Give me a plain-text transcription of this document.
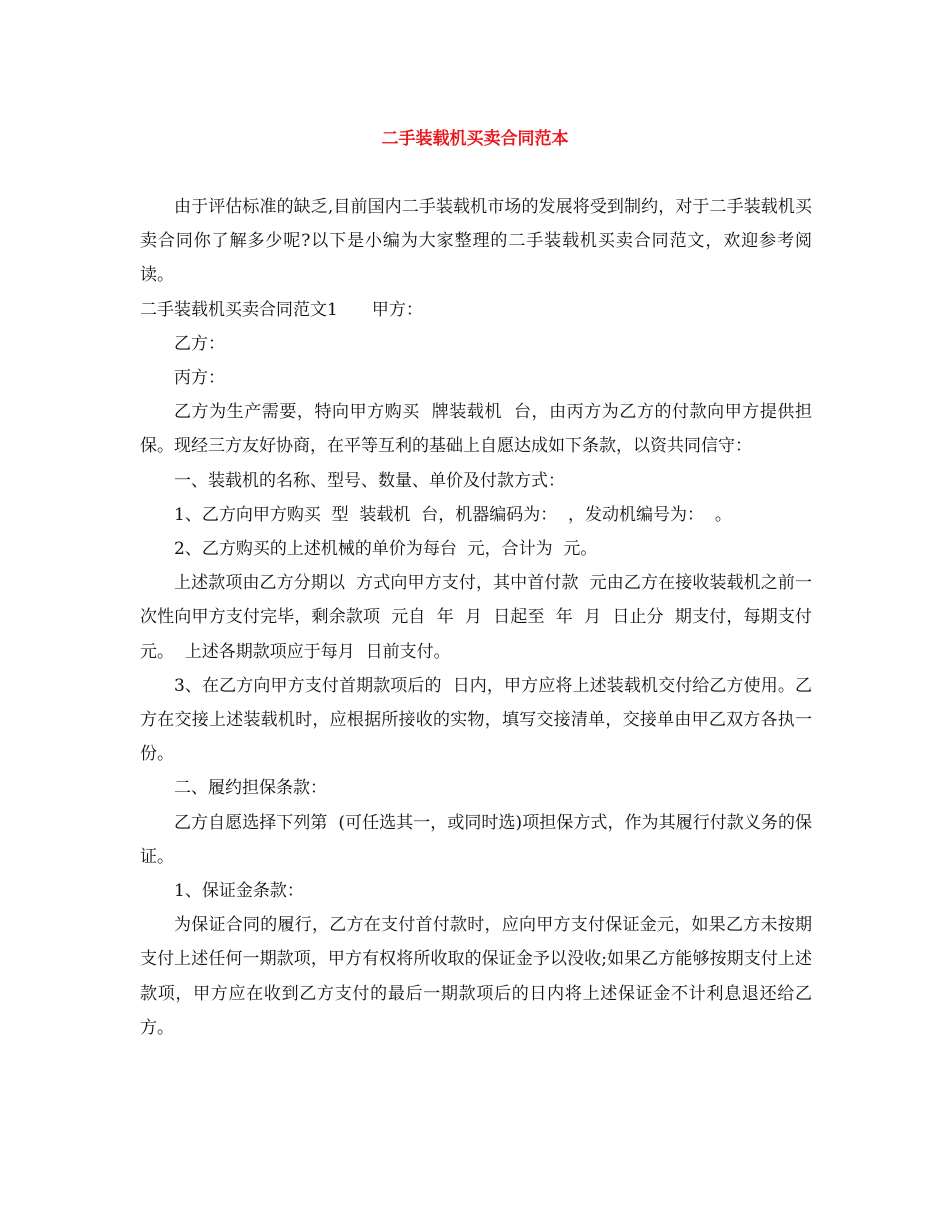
二手装载机买卖合同范本

由于评估标准的缺乏,目前国内二手装载机市场的发展将受到制约，对于二手装载机买卖合同你了解多少呢?以下是小编为大家整理的二手装载机买卖合同范文，欢迎参考阅读。

二手装载机买卖合同范文1　　甲方：

乙方：

丙方：

乙方为生产需要，特向甲方购买  牌装载机  台，由丙方为乙方的付款向甲方提供担保。现经三方友好协商，在平等互利的基础上自愿达成如下条款，以资共同信守：

一、装载机的名称、型号、数量、单价及付款方式：

1、乙方向甲方购买  型  装载机  台，机器编码为：  ，发动机编号为：  。

2、乙方购买的上述机械的单价为每台  元，合计为  元。

上述款项由乙方分期以  方式向甲方支付，其中首付款  元由乙方在接收装载机之前一次性向甲方支付完毕，剩余款项  元自  年  月  日起至  年  月  日止分  期支付，每期支付  元。  上述各期款项应于每月  日前支付。

3、在乙方向甲方支付首期款项后的  日内，甲方应将上述装载机交付给乙方使用。乙方在交接上述装载机时，应根据所接收的实物，填写交接清单，交接单由甲乙双方各执一份。

二、履约担保条款：

乙方自愿选择下列第  (可任选其一，或同时选)项担保方式，作为其履行付款义务的保证。

1、保证金条款：

为保证合同的履行，乙方在支付首付款时，应向甲方支付保证金元，如果乙方未按期支付上述任何一期款项，甲方有权将所收取的保证金予以没收;如果乙方能够按期支付上述款项，甲方应在收到乙方支付的最后一期款项后的日内将上述保证金不计利息退还给乙方。
